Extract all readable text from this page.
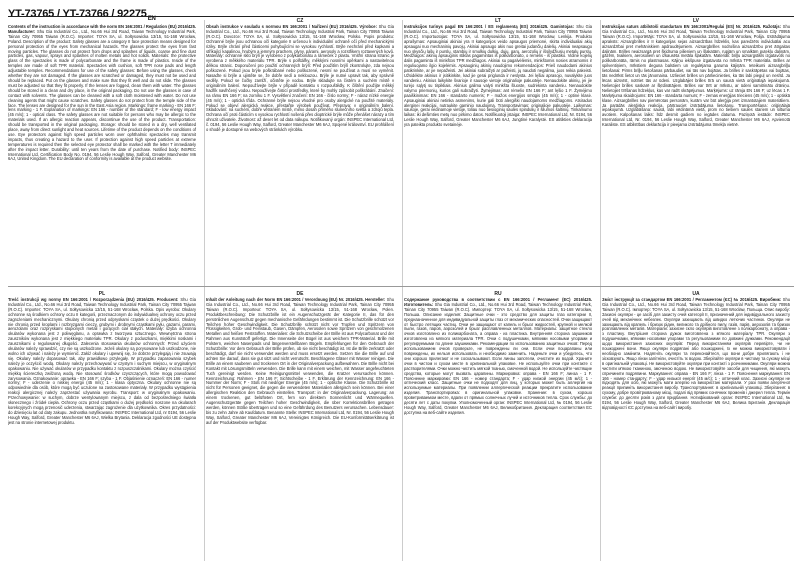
$YT-73765 / YT-73766 / 92275_{EN}$
Contents of the instruction in accordance with the norm EN 166:2001 / Regulation (EU) 2016/425. Manufacturer: Shu Gia Industrial Co., Ltd., No.66 Hui 3rd Road, Taiwan Technology Industrial Park, Tainan City 70955 Taiwan (R.O.C). Importer: TOYA SA, ul. Sołtysowicka 13/15, 51-168 Wrocław, Poland. Description of the product: Safety glasses are a category II face protection means designed for personal protection of the eyes from mechanical hazards. The glasses protect the eyes from fast moving particles. The glasses do not protect from drops and splashes of liquids, coarse and fine dust particles, gas, vapour, sprays and splashes of molten metals and hot solids. Materials: the protective glass of the spectacles is made of polycarbonate and the frame is made of plastics. Inside of the temples are made of soft TPR material. Spectacles with cushion, soft TPR nose pads and length adjustable temples. Recommendations for use of the safety glasses: Before using the glasses, check whether they are not damaged. If the glasses are scratched or damaged, they must not be used and should be replaced. Put on the glasses and make sure that they fit well and do not slide. The glasses must be adjusted so that they fit properly. If the lenses are fogged, clean them with water. The glasses should be stored in a clean and dry place, in the original packaging. Do not use the glasses in case of contact with solvents. The glasses can be cleaned with a soft cloth moistened with water. Do not use cleaning agents that might cause scratches. Safety glasses do not protect from the temple side of the face. The lenses are designed for the sun in the East Asia region. Markings: frame marking - EN 166 F; lens marking - 1 F. Explanation of markings: EN 166 - number of the standard; F - low energy impact (45 m/s); 1 - optical class. The safety glasses are not suitable for persons who may be allergic to the materials used. If an allergic reaction appears, discontinue the use of the product. Transportation: should be transported in the original packaging. Storage: should be stored in a dry, well ventilated place, away from direct sunlight and heat sources. Lifetime of the product depends on the conditions of use. Eye protectors against high speed particles worn over ophthalmic spectacles may transmit impacts, thus creating a hazard to the user. If protection against high speed particles at extreme temperatures is required then the selected eye protector shall be marked with the letter T immediately after the impact letter. Durability: until ten years from the date of purchase. Notified body: INSPEC International Ltd, Certification Body No. 0194, 56 Leslie Hough Way, Salford, Greater Manchester M6 6AJ, United Kingdom. The EU declaration of conformity is available at the product website.
CZ
Obsah instrukce v souladu s normou EN 166:2001 / Nařízení (EU) 2016/425. Výrobce: Shu Gia Industrial Co., Ltd., No.66 Hui 3rd Road, Taiwan Technology Industrial Park, Tainan City 70955 Taiwan (R.O.C). Dovozce: TOYA SA, ul. Sołtysowicka 13/15, 51-168 Wrocław, Polsko. Popis produktu: Ochranné brýle jsou ochranou očí kategorie II určenou k individuální ochraně očí před mechanickými riziky. Brýle chrání před částicemi pohybujícími se vysokou rychlostí. Brýle nechrání před kapkami a stříkající kapalinou, hrubým a jemným prachem, plyny, párami, aerosoly a rozstřikem roztavených kovů. Materiály: ochranné sklo brýlí je vyrobeno z polykarbonátu a rámeček z plastu. Vnitřní strana stranic je vyrobena z měkkého materiálu TPR. Brýle s polštářky, měkkými nosními opěrkami a nastavitelnou délkou stranic. Doporučení pro použití ochranných brýlí: Před použitím brýlí zkontrolujte, zda nejsou poškozené. Pokud jsou brýle poškrábané nebo poškozené, nesmí se používat a musí se vyměnit. Nasaďte si brýle a ujistěte se, že dobře sedí a neklouzou. Brýle je nutné upravit tak, aby správně seděly. Pokud se čočky zamlží, očistěte je vodou. Brýle skladujte na čistém a suchém místě v originálním balení. Nepoužívejte brýle v případě kontaktu s rozpouštědly. K čištění použijte měkký hadřík navlhčený vodou. Nepoužívejte čisticí prostředky, které by mohly způsobit poškrábání. Značení: na rámu EN 166 F; na zorníku 1 F. Vysvětlení značení: EN 166 - číslo normy; F - náraz nízké energie (45 m/s); 1 - optická třída. Ochranné brýle nejsou vhodné pro osoby alergické na použité materiály. Pokud se objeví alergická reakce, přestaňte výrobek používat. Přeprava: v originálním balení. Skladování: na suchém, dobře větraném místě, mimo dosah přímého slunečního světla a zdrojů tepla. Ochrana očí proti částicím s vysokou rychlostí nošená přes dioptrické brýle může přenášet nárazy a tím ohrozit uživatele. Životnost: až deset let od data nákupu. Notifikovaný orgán: INSPEC International Ltd, č. 0194, 56 Leslie Hough Way, Salford, Greater Manchester M6 6AJ, Spojené království. EU prohlášení o shodě je dostupné na webových stránkách výrobku.
LT
Instrukcijos turinys pagal EN 166:2001 / ES reglamentą (ES) 2016/425. Gamintojas: Shu Gia Industrial Co., Ltd., No.66 Hui 3rd Road, Taiwan Technology Industrial Park, Tainan City 70955 Taiwan (R.O.C). Importuotojas: TOYA SA, ul. Sołtysowicka 13/15, 51-168 Wrocław, Lenkija. Produkto aprašymas: Apsauginiai akiniai yra II kategorijos veido apsaugos priemonė, skirta individualiai akių apsaugai nuo mechaninių pavojų. Akiniai apsaugo akis nuo greitai judančių dalelių. Akiniai neapsaugo nuo skysčių lašų ir purslų, stambių ir smulkių dulkių, dujų, garų, aerozolių ir išsilydžiusių metalų purslų. Medžiagos: akinių apsauginis stiklas pagamintas iš polikarbonato, o rėmelis - iš plastiko. Vidinė kojelių dalis pagaminta iš minkštos TPR medžiagos. Akiniai su pagalvėlėmis, minkštomis nosies atramomis ir reguliuojamo ilgio kojelėmis. Apsauginių akinių naudojimo rekomendacijos: Prieš naudodami akinius patikrinkite, ar jie nepažeisti. Jei akiniai subraižyti ar pažeisti, jų naudoti negalima, juos reikia pakeisti. Užsidėkite akinius ir įsitikinkite, kad jie gerai priglunda ir neslysta. Jei lęšiai aprasojo, nuvalykite juos vandeniu. Akinius laikykite švarioje ir sausoje vietoje originalioje pakuotėje. Nenaudokite akinių, jei jie turėjo sąlytį su tirpikliais. Akinius galima valyti minkšta šluoste, sudrėkinta vandeniu. Nenaudokite valymo priemonių, kurios gali subraižyti. Žymėjimas: ant rėmelio EN 166 F; ant lęšio 1 F. Žymėjimo paaiškinimas: EN 166 - standarto numeris; F - mažos energijos smūgis (45 m/s); 1 - optinė klasė. Apsauginiai akiniai netinka asmenims, kurie gali būti alergiški naudojamoms medžiagoms. Atsiradus alerginei reakcijai, nutraukite gaminio naudojimą. Transportavimas: originalioje pakuotėje. Laikymas: sausoje, gerai vėdinamoje vietoje, toliau nuo tiesioginių saulės spindulių ir šilumos šaltinių. Tinkamumo laikas: iki dešimties metų nuo pirkimo datos. Notifikuotoji įstaiga: INSPEC International Ltd, Nr. 0194, 56 Leslie Hough Way, Salford, Greater Manchester M6 6AJ, Jungtinė Karalystė. ES atitikties deklaracija yra pateikta produkto svetainėje.
LV
Instrukcijas saturs atbilstoši standartam EN 166:2001/Regulai (ES) Nr. 2016/425. Ražotājs: Shu Gia Industrial Co., Ltd., No.66 Hui 3rd Road, Taiwan Technology Industrial Park, Tainan City 70955 Taiwan (R.O.C). Importētājs: TOYA SA, ul. Sołtysowicka 13/15, 51-168 Wrocław, Polija. Izstrādājuma apraksts: Aizsargbrilles ir II kategorijas sejas aizsardzības līdzeklis, kas paredzēts individuālai acu aizsardzībai pret mehāniskiem apdraudējumiem. Aizsargbrilles nodrošina aizsardzību pret ātrgaitas daļiņām. Brilles neaizsargā pret šķidruma pilieniem un šļakatām, rupjām un smalkām putekļu daļiņām, gāzēm, tvaikiem, aerosoliem un izkausēta metāla šļakatām. Materiāli: briļļu aizsargstikls izgatavots no polikarbonāta, rāmis no plastmasas. Kājiņu iekšpuse izgatavota no mīksta TPR materiāla. Brilles ar spilventiņiem, mīkstiem deguna balstiem un regulējama garuma kājiņām. Ieteikumi aizsargbriļļu lietošanai: Pirms briļļu lietošanas pārbaudiet, vai tās nav bojātas. Ja brilles ir saskrāpētas vai bojātas, tās nedrīkst lietot un tās jānomaina. Uzlieciet brilles un pārliecinieties, ka tās labi pieguļ un neslīd. Ja lēcas aizsvīst, notīriet tās ar ūdeni. Uzglabājiet brilles tīrā un sausā vietā oriģinālajā iepakojumā. Nelietojiet brilles saskarē ar šķīdinātājiem. Brilles var tīrīt ar mīkstu, ar ūdeni samitrinātu drāniņu. Nelietojiet tīrīšanas līdzekļus, kas var radīt skrāpējumus. Marķējums: uz rāmja EN 166 F; uz lēcas 1 F. Marķējuma skaidrojums: EN 166 - standarta numurs; F - zemas enerģijas trieciens (45 m/s); 1 - optiskā klase. Aizsargbrilles nav piemērotas personām, kurām var būt alerģija pret izmantotajiem materiāliem. Ja parādās alerģiska reakcija, pārtrauciet izstrādājuma lietošanu. Transportēšana: oriģinālajā iepakojumā. Uzglabāšana: sausā, labi vēdināmā vietā, prom no tiešiem saules stariem un siltuma avotiem. Kalpošanas laiks: līdz desmit gadiem no iegādes datuma. Paziņotā iestāde: INSPEC International Ltd, Nr. 0194, 56 Leslie Hough Way, Salford, Greater Manchester M6 6AJ, Apvienotā Karaliste. ES atbilstības deklarācija ir pieejama izstrādājuma tīmekļa vietnē.
PL
Treść instrukcji wg normy EN 166:2001 / Rozporządzenia (EU) 2016/425. Producent: Shu Gia Industrial Co., Ltd., No.66 Hui 3rd Road, Taiwan Technology Industrial Park, Tainan City 70955 Tajwan (R.O.C). Importer: TOYA SA, ul. Sołtysowicka 13/15, 51-168 Wrocław, Polska. Opis wyrobu: Okulary ochronne są środkiem ochrony oczu II kategorii, przeznaczonym do indywidualnej ochrony oczu przed zagrożeniami mechanicznymi. Okulary chronią przed odpryskami cząstek o dużej prędkości. Okulary nie chronią przed kroplami i rozbryzgami cieczy, grubymi i drobnymi cząstkami pyłu, gazami, parami, aerozolami oraz rozpryskami stopionych metali i gorących ciał stałych. Materiały: szyba ochronna okularów wykonana jest z poliwęglanu, a oprawka z tworzywa sztucznego. Wewnętrzna strona zauszników wykonana jest z miękkiego materiału TPR. Okulary z poduszkami, miękkimi noskami i zausznikami o regulowanej długości. Zalecenia stosowania okularów ochronnych: Przed użyciem okularów należy sprawdzić, czy nie są uszkodzone. Jeżeli okulary są porysowane lub uszkodzone, nie wolno ich używać i należy je wymienić. Załóż okulary i upewnij się, że dobrze przylegają i nie zsuwają się. Okulary należy dopasować tak, aby prawidłowo przylegały. W przypadku zaparowania szybek należy je oczyścić wodą. Okulary należy przechowywać w czystym i suchym miejscu, w oryginalnym opakowaniu. Nie używać okularów w przypadku kontaktu z rozpuszczalnikami. Okulary można czyścić miękką ściereczką zwilżoną wodą. Nie stosować środków czyszczących, które mogą powodować zarysowania. Oznakowanie: oprawka - EN 166 F; szyba - 1 F. Objaśnienie oznaczeń: EN 166 - numer normy; F - uderzenie o niskiej energii (45 m/s); 1 - klasa optyczna. Okulary ochronne nie są odpowiednie dla osób, które mogą być uczulone na zastosowane materiały. W przypadku wystąpienia reakcji alergicznej należy zaprzestać używania wyrobu. Transport: w oryginalnym opakowaniu. Przechowywanie: w suchym, dobrze wentylowanym miejscu, z dala od bezpośredniego światła słonecznego i źródeł ciepła. Ochrony oczu przed cząstkami o dużej prędkości noszone na okularach korekcyjnych mogą przenosić uderzenia, stwarzając zagrożenie dla użytkownika. Okres przydatności: do dziesięciu lat od daty zakupu. Jednostka notyfikowana: INSPEC International Ltd, nr 0194, 56 Leslie Hough Way, Salford, Greater Manchester M6 6AJ, Wielka Brytania. Deklaracja zgodności UE dostępna jest na stronie internetowej produktu.
DE
Inhalt der Anleitung nach der Norm EN 166:2001 / Verordnung (EU) Nr. 2016/425. Hersteller: Shu Gia Industrial Co., Ltd., No.66 Hui 3rd Road, Taiwan Technology Industrial Park, Tainan City 70955 Taiwan (R.O.C). Importeur: TOYA SA, ul. Sołtysowicka 13/15, 51-168 Wrocław, Polen. Produktbeschreibung: Die Schutzbrille ist ein Augenschutzgerät der Kategorie II, das für den persönlichen Augenschutz gegen mechanische Gefährdungen bestimmt ist. Die Schutzbrille schützt vor Teilchen hoher Geschwindigkeit. Die Schutzbrille schützt nicht vor Tropfen und Spritzern von Flüssigkeiten, Grob- und Feinstaub, Gasen, Dämpfen, Aerosolen sowie Spritzern von geschmolzenen Metallen und heißen Feststoffen. Materialien: die Schutzscheibe der Brille ist aus Polycarbonat und der Rahmen aus Kunststoff gefertigt. Die Innenseite der Bügel ist aus weichem TPR-Material. Brille mit Polstern, weichen Nasenpads und längenverstellbaren Bügeln. Empfehlungen für den Gebrauch der Schutzbrille: Vor dem Gebrauch der Brille prüfen, ob sie nicht beschädigt ist. Ist die Brille zerkratzt oder beschädigt, darf sie nicht verwendet werden und muss ersetzt werden. Setzen Sie die Brille auf und achten Sie darauf, dass sie gut sitzt und nicht verrutscht. Beschlagene Gläser mit Wasser reinigen. Die Brille an einem sauberen und trockenen Ort in der Originalverpackung aufbewahren. Die Brille nicht bei Kontakt mit Lösungsmitteln verwenden. Die Brille kann mit einem weichen, mit Wasser angefeuchteten Tuch gereinigt werden. Keine Reinigungsmittel verwenden, die Kratzer verursachen können. Kennzeichnung: Rahmen - EN 166 F; Sichtscheibe - 1 F. Erklärung der Kennzeichnung: EN 166 - Nummer der Norm; F - Stoß mit niedriger Energie (45 m/s); 1 - optische Klasse. Die Schutzbrille ist nicht für Personen geeignet, die gegen die verwendeten Materialien allergisch sein können. Bei einer allergischen Reaktion den Gebrauch einstellen. Transport: in der Originalverpackung. Lagerung: an einem trockenen, gut belüfteten Ort, fern von direktem Sonnenlicht und Wärmequellen. Augenschutzgeräte gegen Teilchen hoher Geschwindigkeit, die über Korrektionsbrillen getragen werden, können Stöße übertragen und so eine Gefährdung des Benutzers verursachen. Lebensdauer: bis zu zehn Jahre ab Kaufdatum. Benannte Stelle: INSPEC International Ltd, Nr. 0194, 56 Leslie Hough Way, Salford, Greater Manchester M6 6AJ, Vereinigtes Königreich. Die EU-Konformitätserklärung ist auf der Produktwebsite verfügbar.
RU
Содержание руководства в соответствии с EN 166:2001 / Регламент (ЕС) 2016/425. Изготовитель: Shu Gia Industrial Co., Ltd., No.66 Hui 3rd Road, Taiwan Technology Industrial Park, Tainan City 70955 Taiwan (R.O.C). Импортер: TOYA SA, ul. Sołtysowicka 13/15, 51-168 Wrocław, Польша. Описание изделия: Защитные очки - это средство для защиты глаз категории II, предназначенное для индивидуальной защиты глаз от механических опасностей. Очки защищают от быстро летящих частиц. Очки не защищают от капель и брызг жидкостей, крупной и мелкой пыли, газов, паров, аэрозолей и брызг расплавленных металлов. Материалы: защитное стекло очков изготовлено из поликарбоната, а оправа - из пластика. Внутренняя сторона заушников изготовлена из мягкого материала TPR. Очки с подушечками, мягкими носовыми упорами и регулируемыми по длине заушниками. Рекомендации по использованию защитных очков: Перед использованием очков проверьте, не повреждены ли они. Если очки поцарапаны или повреждены, их нельзя использовать и необходимо заменить. Наденьте очки и убедитесь, что они хорошо прилегают и не соскальзывают. Если линзы запотели, очистите их водой. Храните очки в чистом и сухом месте в оригинальной упаковке. Не используйте очки при контакте с растворителями. Очки можно чистить мягкой тканью, смоченной водой. Не используйте чистящие средства, которые могут вызвать царапины. Маркировка: оправа - EN 166 F; линза - 1 F. Пояснение маркировки: EN 166 - номер стандарта; F - удар низкой энергии (45 м/с); 1 - оптический класс. Защитные очки не подходят для лиц, у которых может быть аллергия на используемые материалы. При появлении аллергической реакции прекратите использование изделия. Транспортировка: в оригинальной упаковке. Хранение: в сухом, хорошо проветриваемом месте, вдали от прямых солнечных лучей и источников тепла. Срок службы: до десяти лет с даты покупки. Уполномоченный орган: INSPEC International Ltd, № 0194, 56 Leslie Hough Way, Salford, Greater Manchester M6 6AJ, Великобритания. Декларация соответствия ЕС доступна на веб-сайте изделия.
UA
Зміст інструкції за стандартом EN 166:2001 / Регламентом (ЄС) № 2016/425. Виробник: Shu Gia Industrial Co., Ltd., No.66 Hui 3rd Road, Taiwan Technology Industrial Park, Tainan City 70955 Taiwan (R.O.C). Імпортер: TOYA SA, ul. Sołtysowicka 13/15, 51-168 Wrocław, Польща. Опис виробу: Захисні окуляри - це засіб для захисту очей категорії II, призначений для індивідуального захисту очей від механічних небезпек. Окуляри захищають від швидко летючих частинок. Окуляри не захищають від крапель і бризок рідин, великого та дрібного пилу, газів, парів, аерозолів та бризок розплавлених металів. Матеріали: захисне скло окулярів виготовлене з полікарбонату, а оправа - з пластику. Внутрішня сторона дужок виготовлена з м'якого матеріалу TPR. Окуляри з подушечками, м'якими носовими упорами та регульованими по довжині дужками. Рекомендації щодо використання захисних окулярів: Перед використанням окулярів перевірте, чи не пошкоджені вони. Якщо окуляри подряпані або пошкоджені, їх не можна використовувати і необхідно замінити. Надягніть окуляри та переконайтеся, що вони добре прилягають і не зісковзують. Якщо лінзи запітніли, очистіть їх водою. Зберігайте окуляри в чистому та сухому місці в оригінальній упаковці. Не використовуйте окуляри при контакті з розчинниками. Окуляри можна чистити м'якою тканиною, змоченою водою. Не використовуйте засоби для чищення, які можуть спричинити подряпини. Маркування: оправа - EN 166 F; лінза - 1 F. Пояснення маркування: EN 166 - номер стандарту; F - удар низької енергії (45 м/с); 1 - оптичний клас. Захисні окуляри не підходять для осіб, які можуть мати алергію на використані матеріали. У разі появи алергічної реакції припиніть використання виробу. Транспортування: в оригінальній упаковці. Зберігання: в сухому, добре провітрюваному місці, подалі від прямих сонячних променів і джерел тепла. Термін служби: до десяти років з дати придбання. Нотифікований орган: INSPEC International Ltd, № 0194, 56 Leslie Hough Way, Salford, Greater Manchester M6 6AJ, Велика Британія. Декларація відповідності ЄС доступна на веб-сайті виробу.
